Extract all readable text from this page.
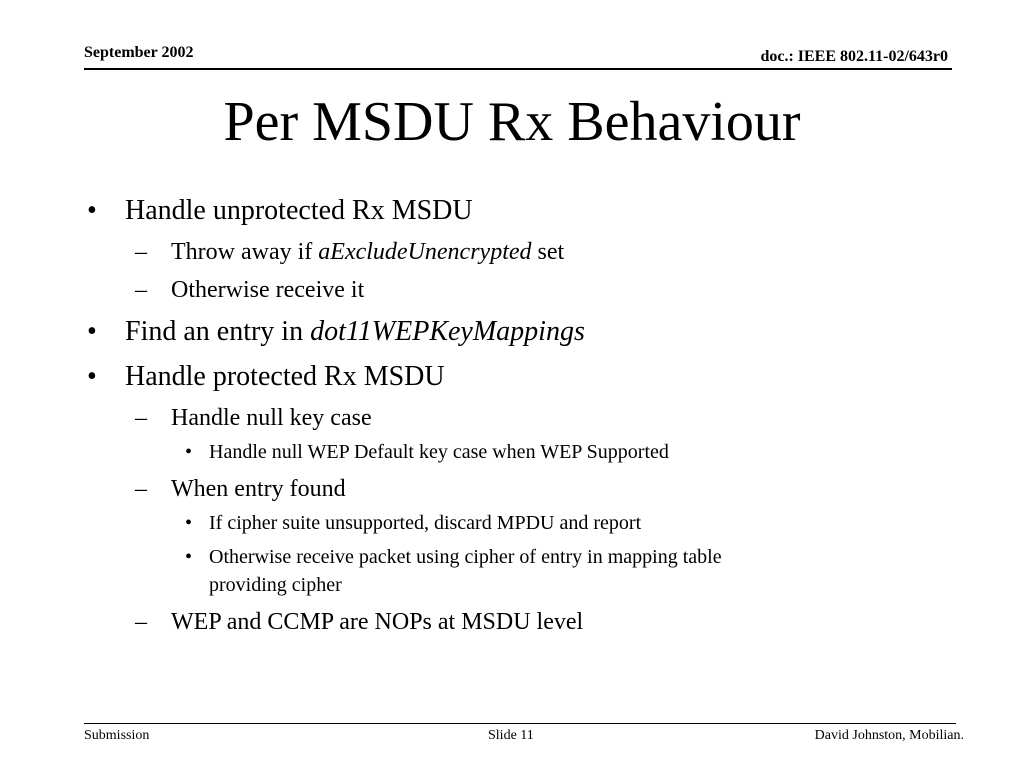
September 2002	doc.: IEEE 802.11-02/643r0
Per MSDU Rx Behaviour
• Handle unprotected Rx MSDU
– Throw away if aExcludeUnencrypted set
– Otherwise receive it
• Find an entry in dot11WEPKeyMappings
• Handle protected Rx MSDU
– Handle null key case
• Handle null WEP Default key case when WEP Supported
– When entry found
• If cipher suite unsupported, discard MPDU and report
• Otherwise receive packet using cipher of entry in mapping table
providing cipher
– WEP and CCMP are NOPs at MSDU level
Submission	Slide 11	David Johnston, Mobilian.
